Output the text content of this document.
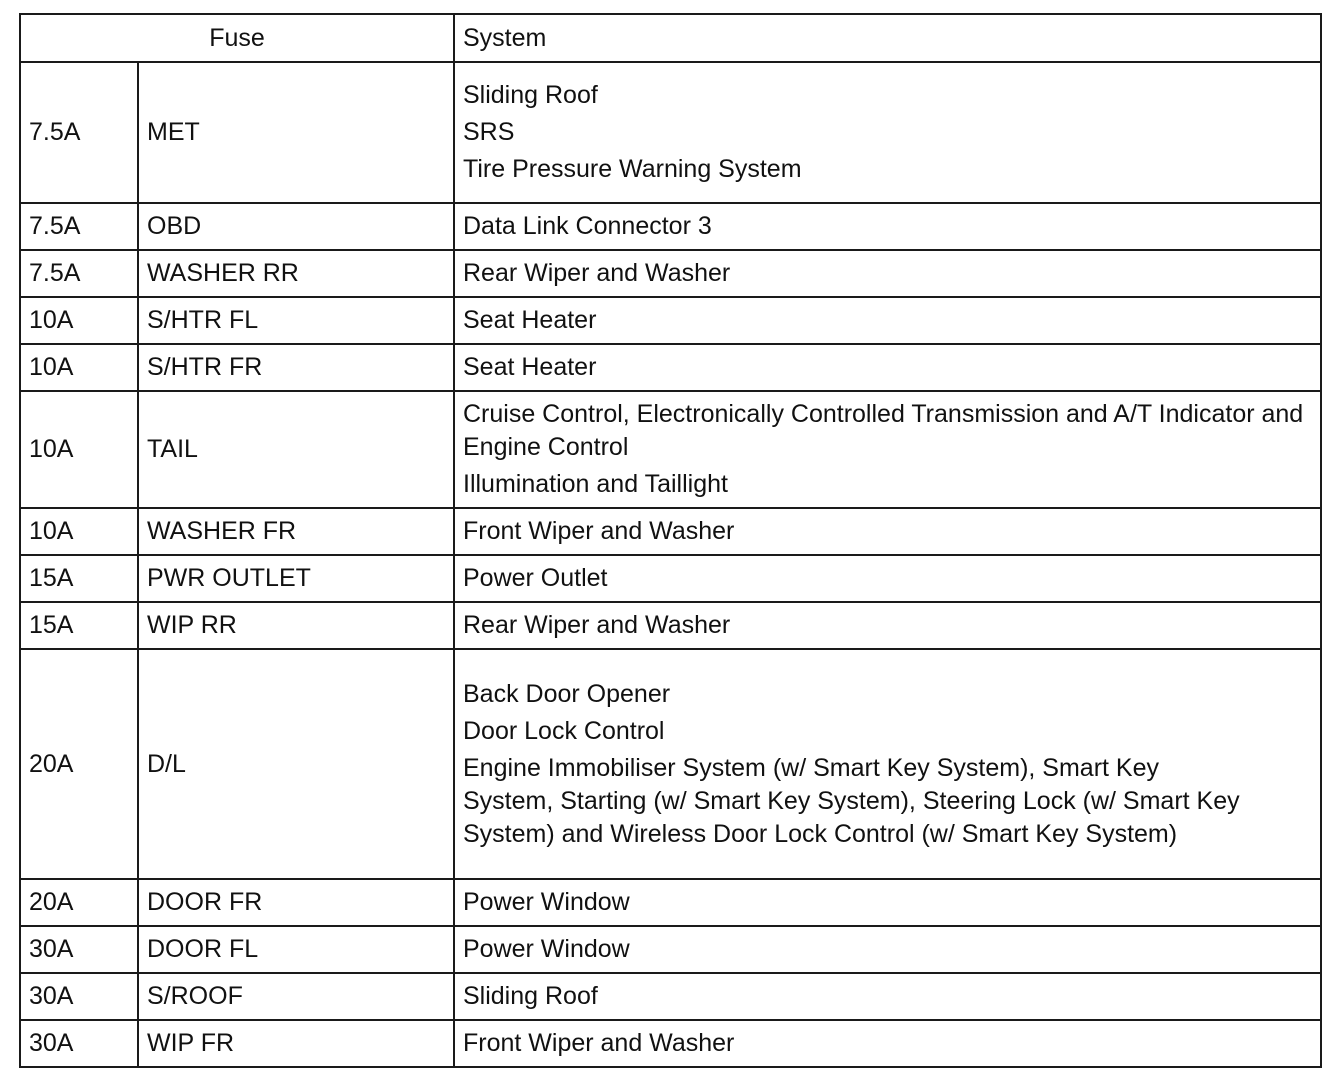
Fuse		System
7.5A	MET	Sliding Roof
SRS
Tire Pressure Warning System

7.5A	OBD	Data Link Connector 3
7.5A	WASHER RR	Rear Wiper and Washer
10A	S/HTR FL	Seat Heater
10A	S/HTR FR	Seat Heater
10A	TAIL	Cruise Control, Electronically Controlled Transmission and A/T Indicator and Engine Control
Illumination and Taillight

10A	WASHER FR	Front Wiper and Washer
15A	PWR OUTLET	Power Outlet
15A	WIP RR	Rear Wiper and Washer
20A	D/L	Back Door Opener
Door Lock Control
Engine Immobiliser System (w/ Smart Key System), Smart Key System, Starting (w/ Smart Key System), Steering Lock (w/ Smart Key System) and Wireless Door Lock Control (w/ Smart Key System)

20A	DOOR FR	Power Window
30A	DOOR FL	Power Window
30A	S/ROOF	Sliding Roof
30A	WIP FR	Front Wiper and Washer
